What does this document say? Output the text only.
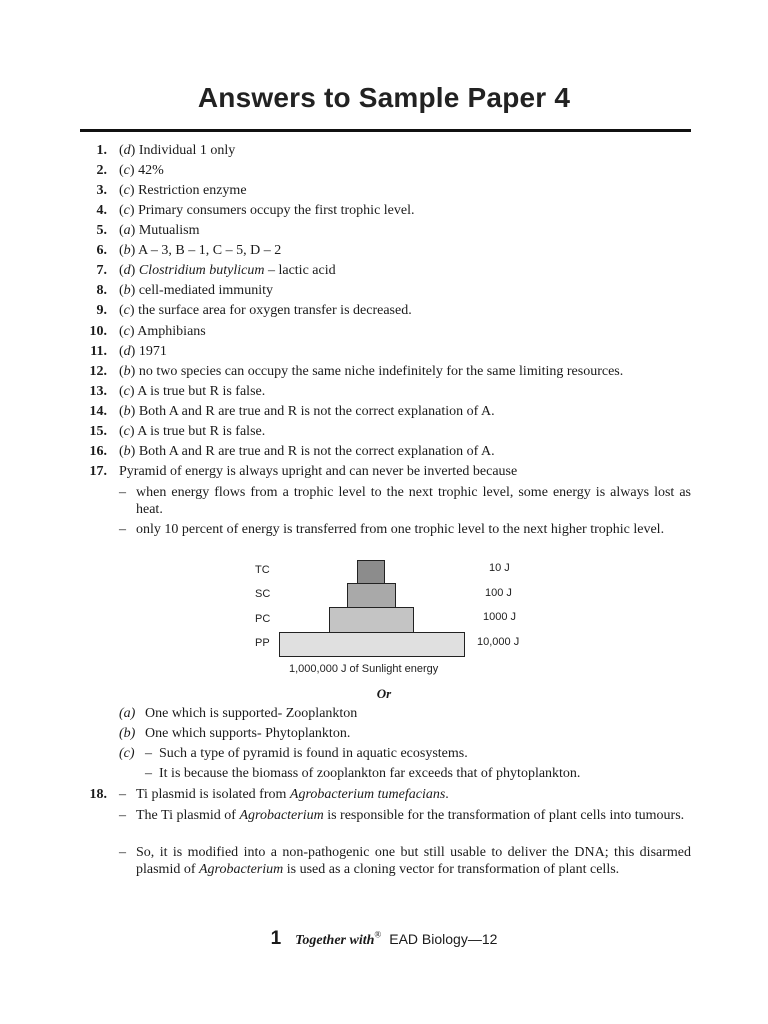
Answers to Sample Paper 4
1. (d) Individual 1 only
2. (c) 42%
3. (c) Restriction enzyme
4. (c) Primary consumers occupy the first trophic level.
5. (a) Mutualism
6. (b) A – 3, B – 1, C – 5, D – 2
7. (d) Clostridium butylicum – lactic acid
8. (b) cell-mediated immunity
9. (c) the surface area for oxygen transfer is decreased.
10. (c) Amphibians
11. (d) 1971
12. (b) no two species can occupy the same niche indefinitely for the same limiting resources.
13. (c) A is true but R is false.
14. (b) Both A and R are true and R is not the correct explanation of A.
15. (c) A is true but R is false.
16. (b) Both A and R are true and R is not the correct explanation of A.
17. Pyramid of energy is always upright and can never be inverted because
– when energy flows from a trophic level to the next trophic level, some energy is always lost as heat.
– only 10 percent of energy is transferred from one trophic level to the next higher trophic level.
TC
SC
PC
PP
10 J
100 J
1000 J
10,000 J
1,000,000 J of Sunlight energy
Or
(a) One which is supported- Zooplankton
(b) One which supports- Phytoplankton.
(c) – Such a type of pyramid is found in aquatic ecosystems.
– It is because the biomass of zooplankton far exceeds that of phytoplankton.
18. – Ti plasmid is isolated from Agrobacterium tumefacians.
– The Ti plasmid of Agrobacterium is responsible for the transformation of plant cells into tumours.
– So, it is modified into a non-pathogenic one but still usable to deliver the DNA; this disarmed plasmid of Agrobacterium is used as a cloning vector for transformation of plant cells.
1 Together with® EAD Biology—12
